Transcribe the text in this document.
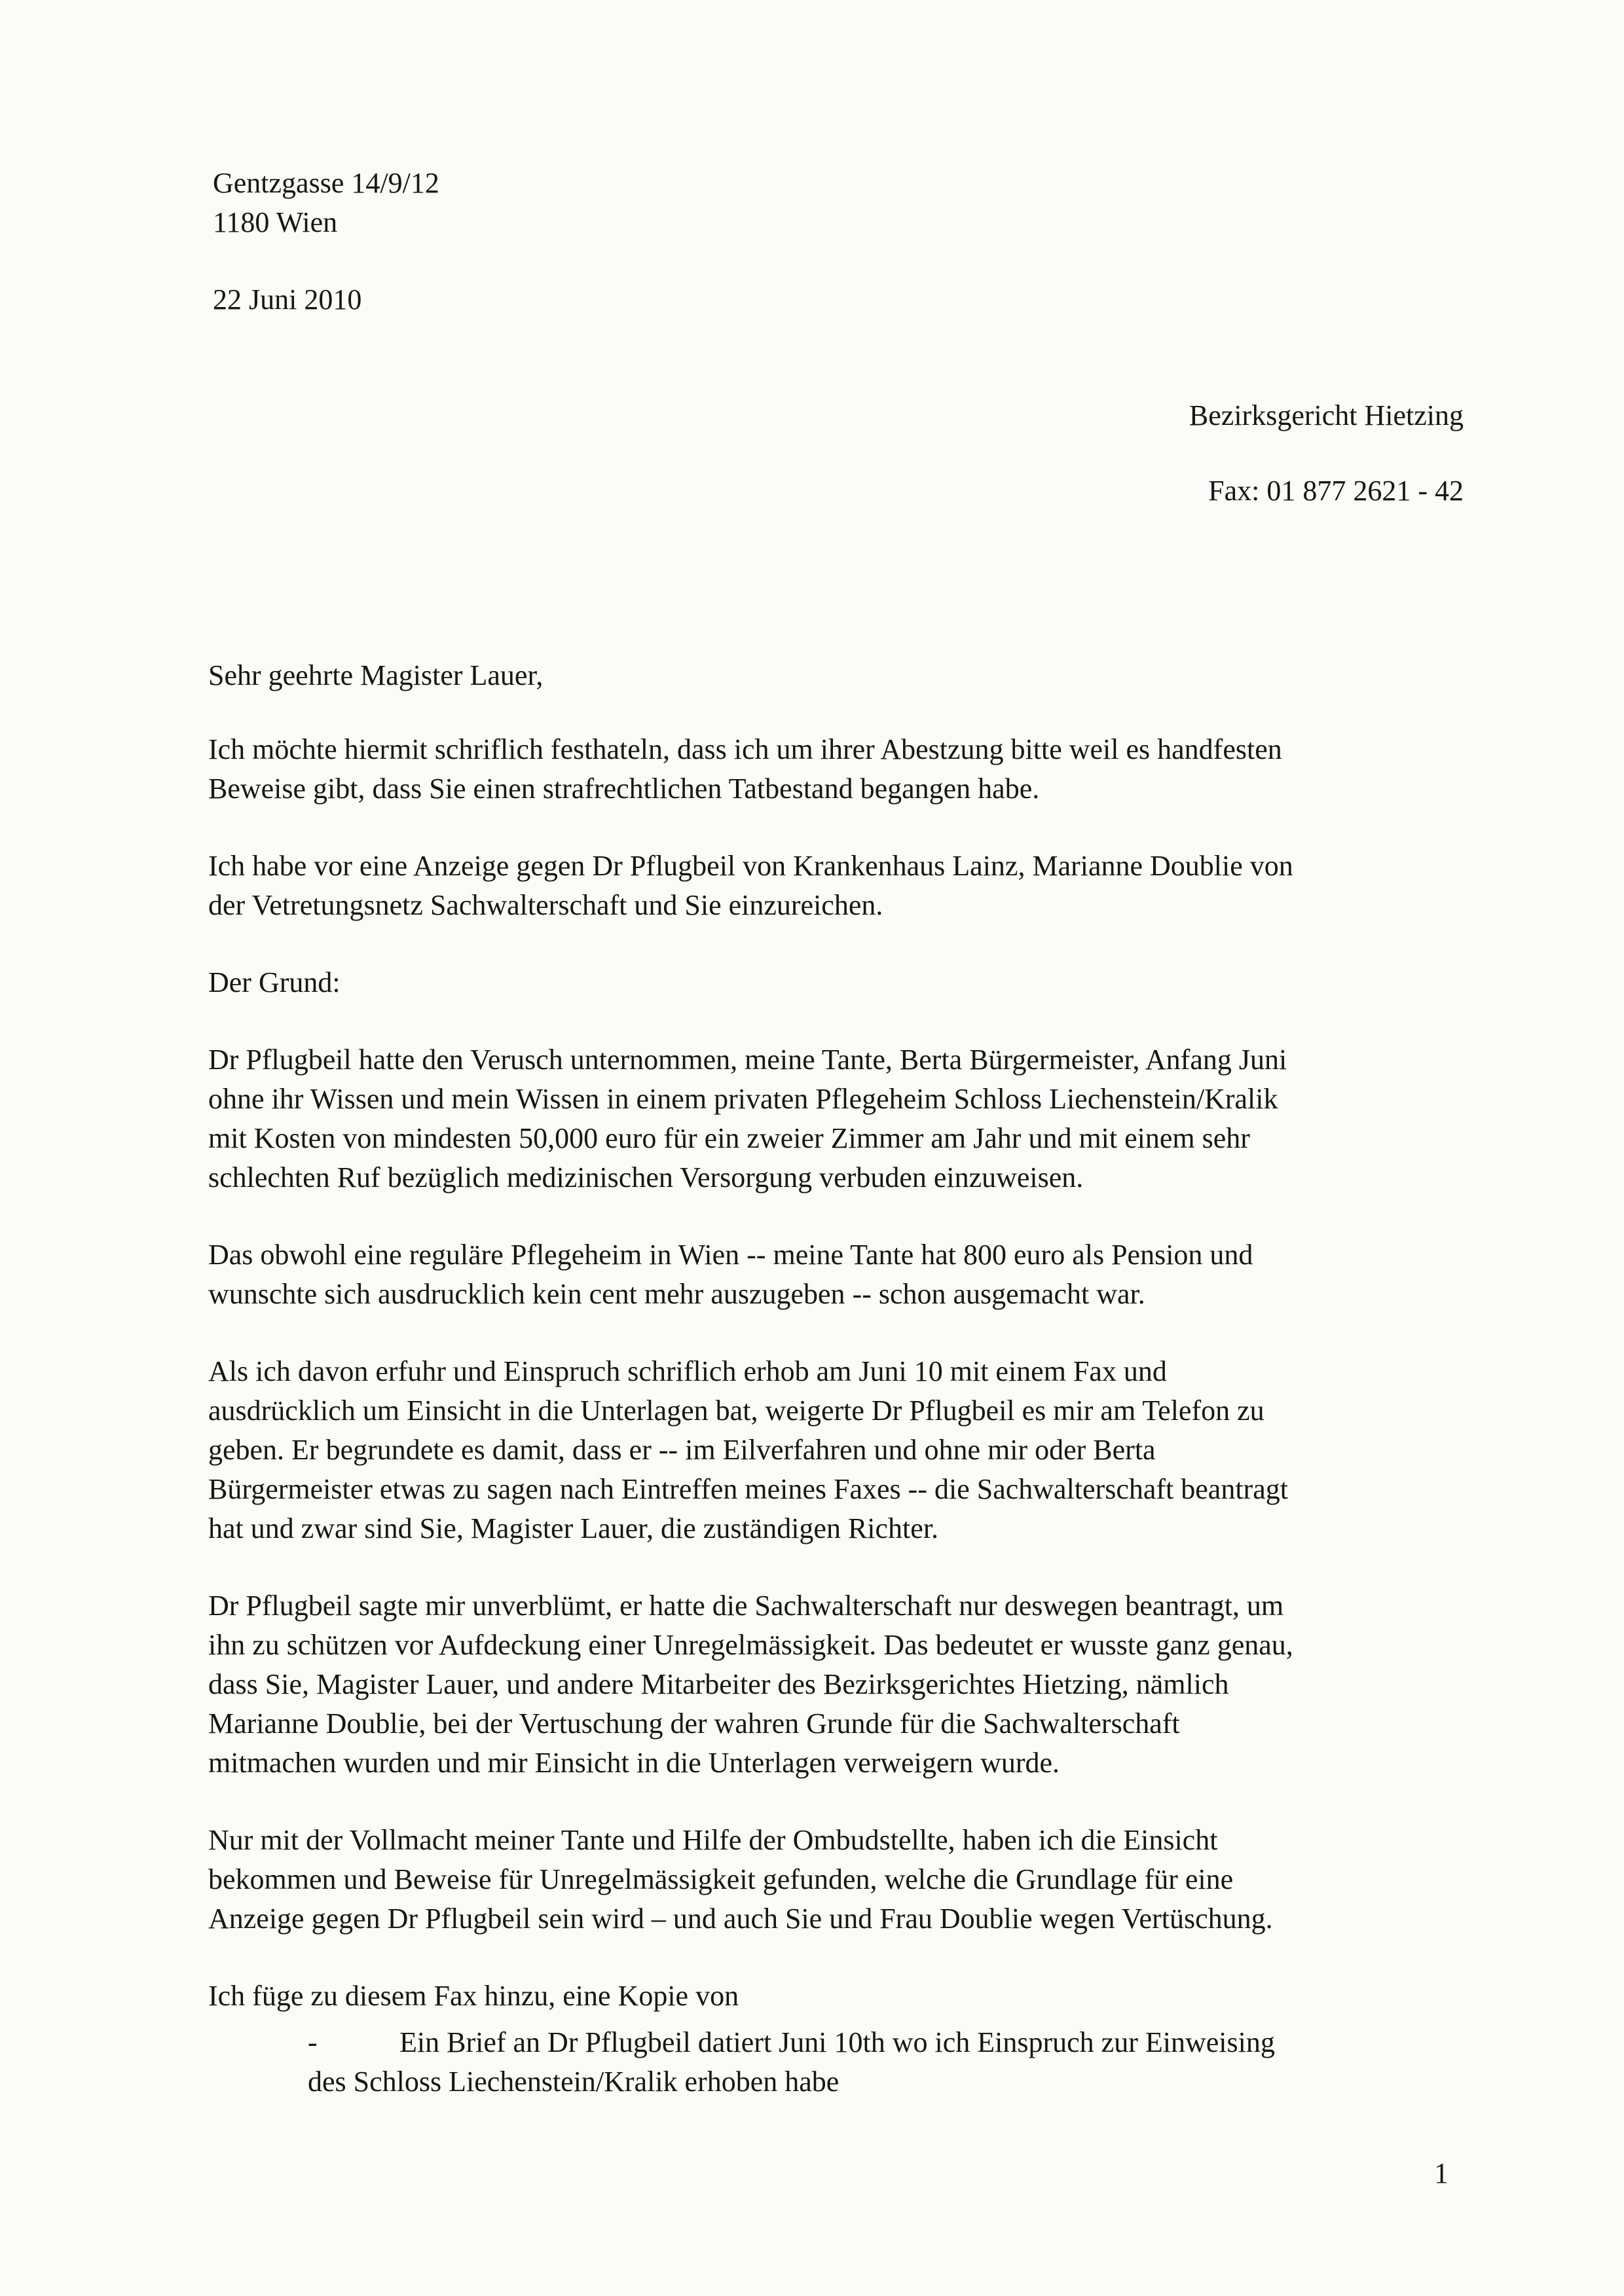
Gentzgasse 14/9/12
1180 Wien
22 Juni 2010
Bezirksgericht Hietzing
Fax: 01 877 2621 - 42
Sehr geehrte Magister Lauer,

Ich möchte hiermit schriflich festhateln, dass ich um ihrer Abestzung bitte weil es handfesten
Beweise gibt, dass Sie einen strafrechtlichen Tatbestand begangen habe.

Ich habe vor eine Anzeige gegen Dr Pflugbeil von Krankenhaus Lainz, Marianne Doublie von
der Vetretungsnetz Sachwalterschaft und Sie einzureichen.

Der Grund:

Dr Pflugbeil hatte den Verusch unternommen, meine Tante, Berta Bürgermeister, Anfang Juni
ohne ihr Wissen und mein Wissen in einem privaten Pflegeheim Schloss Liechenstein/Kralik
mit Kosten von mindesten 50,000 euro für ein zweier Zimmer am Jahr und mit einem sehr
schlechten Ruf bezüglich medizinischen Versorgung verbuden einzuweisen.

Das obwohl eine reguläre Pflegeheim in Wien -- meine Tante hat 800 euro als Pension und
wunschte sich ausdrucklich kein cent mehr auszugeben -- schon ausgemacht war.

Als ich davon erfuhr und Einspruch schriflich erhob am Juni 10 mit einem Fax und
ausdrücklich um Einsicht in die Unterlagen bat, weigerte Dr Pflugbeil es mir am Telefon zu
geben. Er begrundete es damit, dass er -- im Eilverfahren und ohne mir oder Berta
Bürgermeister etwas zu sagen nach Eintreffen meines Faxes -- die Sachwalterschaft beantragt
hat und zwar sind Sie, Magister Lauer, die zuständigen Richter.

Dr Pflugbeil sagte mir unverblümt, er hatte die Sachwalterschaft nur deswegen beantragt, um
ihn zu schützen vor Aufdeckung einer Unregelmässigkeit. Das bedeutet er wusste ganz genau,
dass Sie, Magister Lauer, und andere Mitarbeiter des Bezirksgerichtes Hietzing, nämlich
Marianne Doublie, bei der Vertuschung der wahren Grunde für die Sachwalterschaft
mitmachen wurden und mir Einsicht in die Unterlagen verweigern wurde.

Nur mit der Vollmacht meiner Tante und Hilfe der Ombudstellte, haben ich die Einsicht
bekommen und Beweise für Unregelmässigkeit gefunden, welche die Grundlage für eine
Anzeige gegen Dr Pflugbeil sein wird – und auch Sie und Frau Doublie wegen Vertüschung.

Ich füge zu diesem Fax hinzu, eine Kopie von

-	Ein Brief an Dr Pflugbeil datiert Juni 10th wo ich Einspruch zur Einweising
des Schloss Liechenstein/Kralik erhoben habe
1
